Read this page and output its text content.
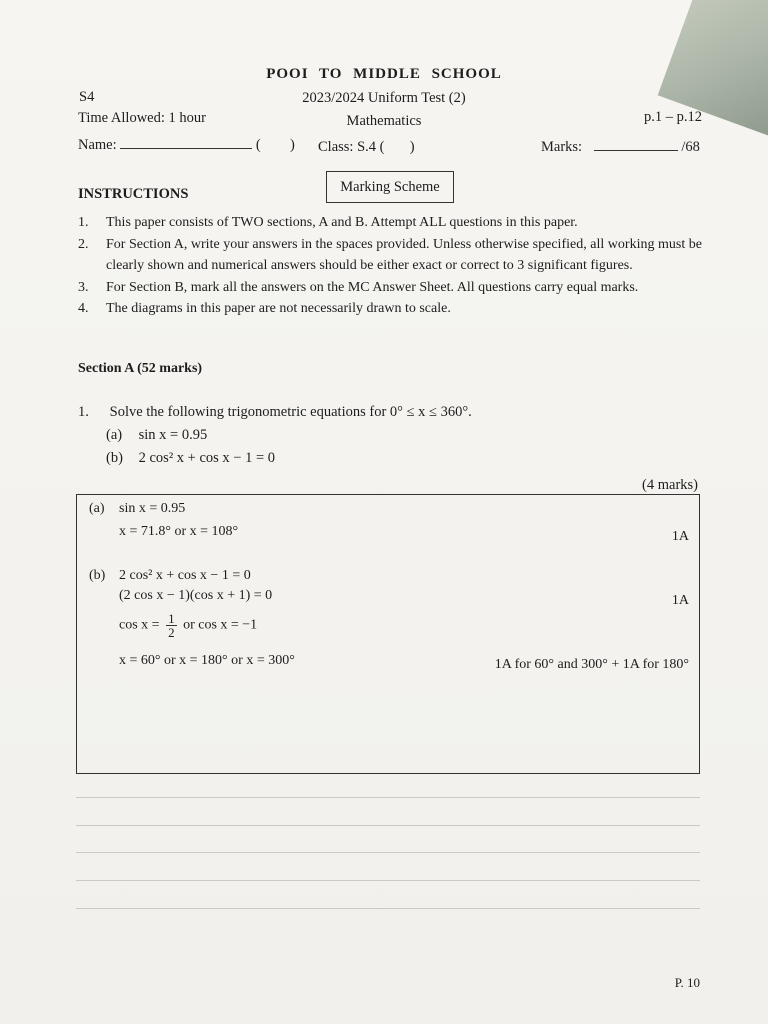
POOI TO MIDDLE SCHOOL
S4	2023/2024 Uniform Test (2)
Time Allowed: 1 hour	Mathematics	p.1 – p.12
Name:	( ) Class: S.4 ( )	Marks:	/68
Marking Scheme
INSTRUCTIONS
1.	This paper consists of TWO sections, A and B. Attempt ALL questions in this paper.
2.	For Section A, write your answers in the spaces provided. Unless otherwise specified, all working must be clearly shown and numerical answers should be either exact or correct to 3 significant figures.
3.	For Section B, mark all the answers on the MC Answer Sheet. All questions carry equal marks.
4.	The diagrams in this paper are not necessarily drawn to scale.
Section A (52 marks)
1. Solve the following trigonometric equations for 0° ≤ x ≤ 360°.
(a) sin x = 0.95
(b) 2 cos² x + cos x − 1 = 0
(4 marks)
(a) sin x = 0.95
x = 71.8° or x = 108°	1A
(b) 2 cos² x + cos x − 1 = 0
(2 cos x − 1)(cos x + 1) = 0	1A
$\cos x = \frac{1}{2}$ or cos x = −1
x = 60° or x = 180° or x = 300°	1A for 60° and 300° + 1A for 180°
P. 10
